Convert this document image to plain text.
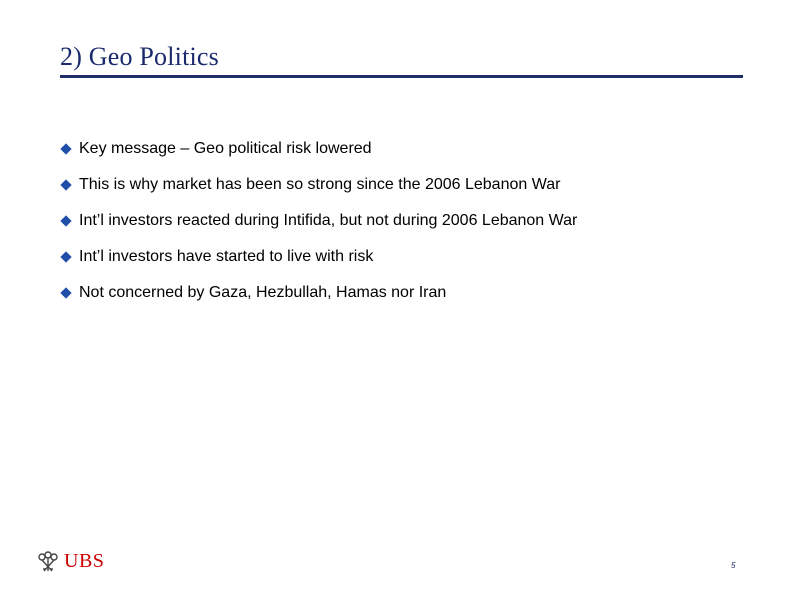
2) Geo Politics
Key message – Geo political risk lowered
This is why market has been so strong since the 2006 Lebanon War
Int’l investors reacted during Intifida, but not during 2006 Lebanon War
Int’l investors have started to live with risk
Not concerned by Gaza, Hezbullah, Hamas nor Iran
UBS	5
